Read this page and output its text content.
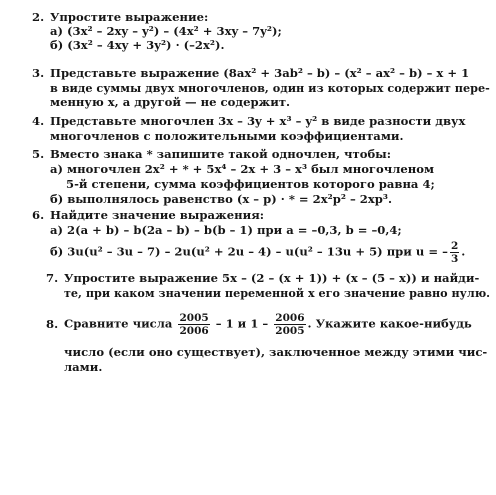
2. Упростите выражение:
а) (3x² – 2xy – y²) – (4x² + 3xy – 7y²);
б) (3x² – 4xy + 3y²) · (–2x²).
3. Представьте выражение (8ax² + 3ab² – b) – (x² – ax² – b) – x + 1
в виде суммы двух многочленов, один из которых содержит пере-
менную x, а другой — не содержит.
4. Представьте многочлен 3x – 3y + x³ – y² в виде разности двух
многочленов с положительными коэффициентами.
5. Вместо знака * запишите такой одночлен, чтобы:
а) многочлен 2x² + * + 5x⁴ – 2x + 3 – x³ был многочленом
5-й степени, сумма коэффициентов которого равна 4;
б) выполнялось равенство (x – p) · * = 2x²p² – 2xp³.
6. Найдите значение выражения:
а) 2(a + b) – b(2a – b) – b(b – 1) при a = –0,3, b = –0,4;
б) 3u(u² – 3u – 7) – 2u(u² + 2u – 4) – u(u² – 13u + 5) при u = – $\frac{2}{3}$ .
7. Упростите выражение 5x – (2 – (x + 1)) + (x – (5 – x)) и найди-
те, при каком значении переменной x его значение равно нулю.
8. Сравните числа $\frac{2005}{2006} - 1$ и $1 - \frac{2006}{2005}$ . Укажите какое-нибудь
число (если оно существует), заключенное между этими чис-
лами.
